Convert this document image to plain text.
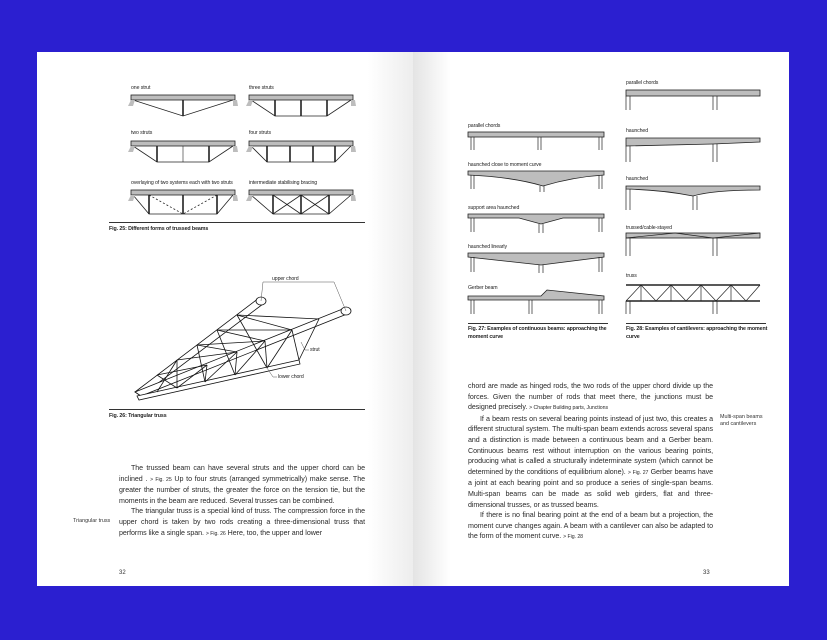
one strut	three struts
two struts	four struts
overlaying of two systems each with two struts	intermediate stabilising bracing
Fig. 25: Different forms of trussed beams
upper chord
strut
lower chord
Fig. 26: Triangular truss

The trussed beam can have several struts and the upper chord can be inclined . > Fig. 25 Up to four struts (arranged symmetrically) make sense. The greater the number of struts, the greater the force on the tension tie, but the moments in the beam are reduced. Several trusses can be combined.

The triangular truss is a special kind of truss. The compression force in the upper chord is taken by two rods creating a three-dimensional truss that performs like a single span. > Fig. 26 Here, too, the upper and lower

Triangular truss
32
parallel chords
haunched close to moment curve
support area haunched
haunched linearly
Gerber beam
parallel chords
haunched
haunched
trussed/cable-stayed
truss
Fig. 27: Examples of continuous beams: approaching the moment curve
Fig. 28: Examples of cantilevers: approaching the moment curve

chord are made as hinged rods, the two rods of the upper chord divide up the forces. Given the number of rods that meet there, the junctions must be designed precisely. > Chapter Building parts, Junctions

If a beam rests on several bearing points instead of just two, this creates a different structural system. The multi-span beam extends across several spans and a distinction is made between a continuous beam and a Gerber beam. Continuous beams rest without interruption on the various bearing points, producing what is called a structurally indeterminate system (which cannot be determined by the conditions of equilibrium alone). > Fig. 27 Gerber beams have a joint at each bearing point and so produce a series of single-span beams. Multi-span beams can be made as solid web girders, flat and three-dimensional trusses, or as trussed beams.

If there is no final bearing point at the end of a beam but a projection, the moment curve changes again. A beam with a cantilever can also be adapted to the form of the moment curve. > Fig. 28

Multi-span beams and cantilevers
33
